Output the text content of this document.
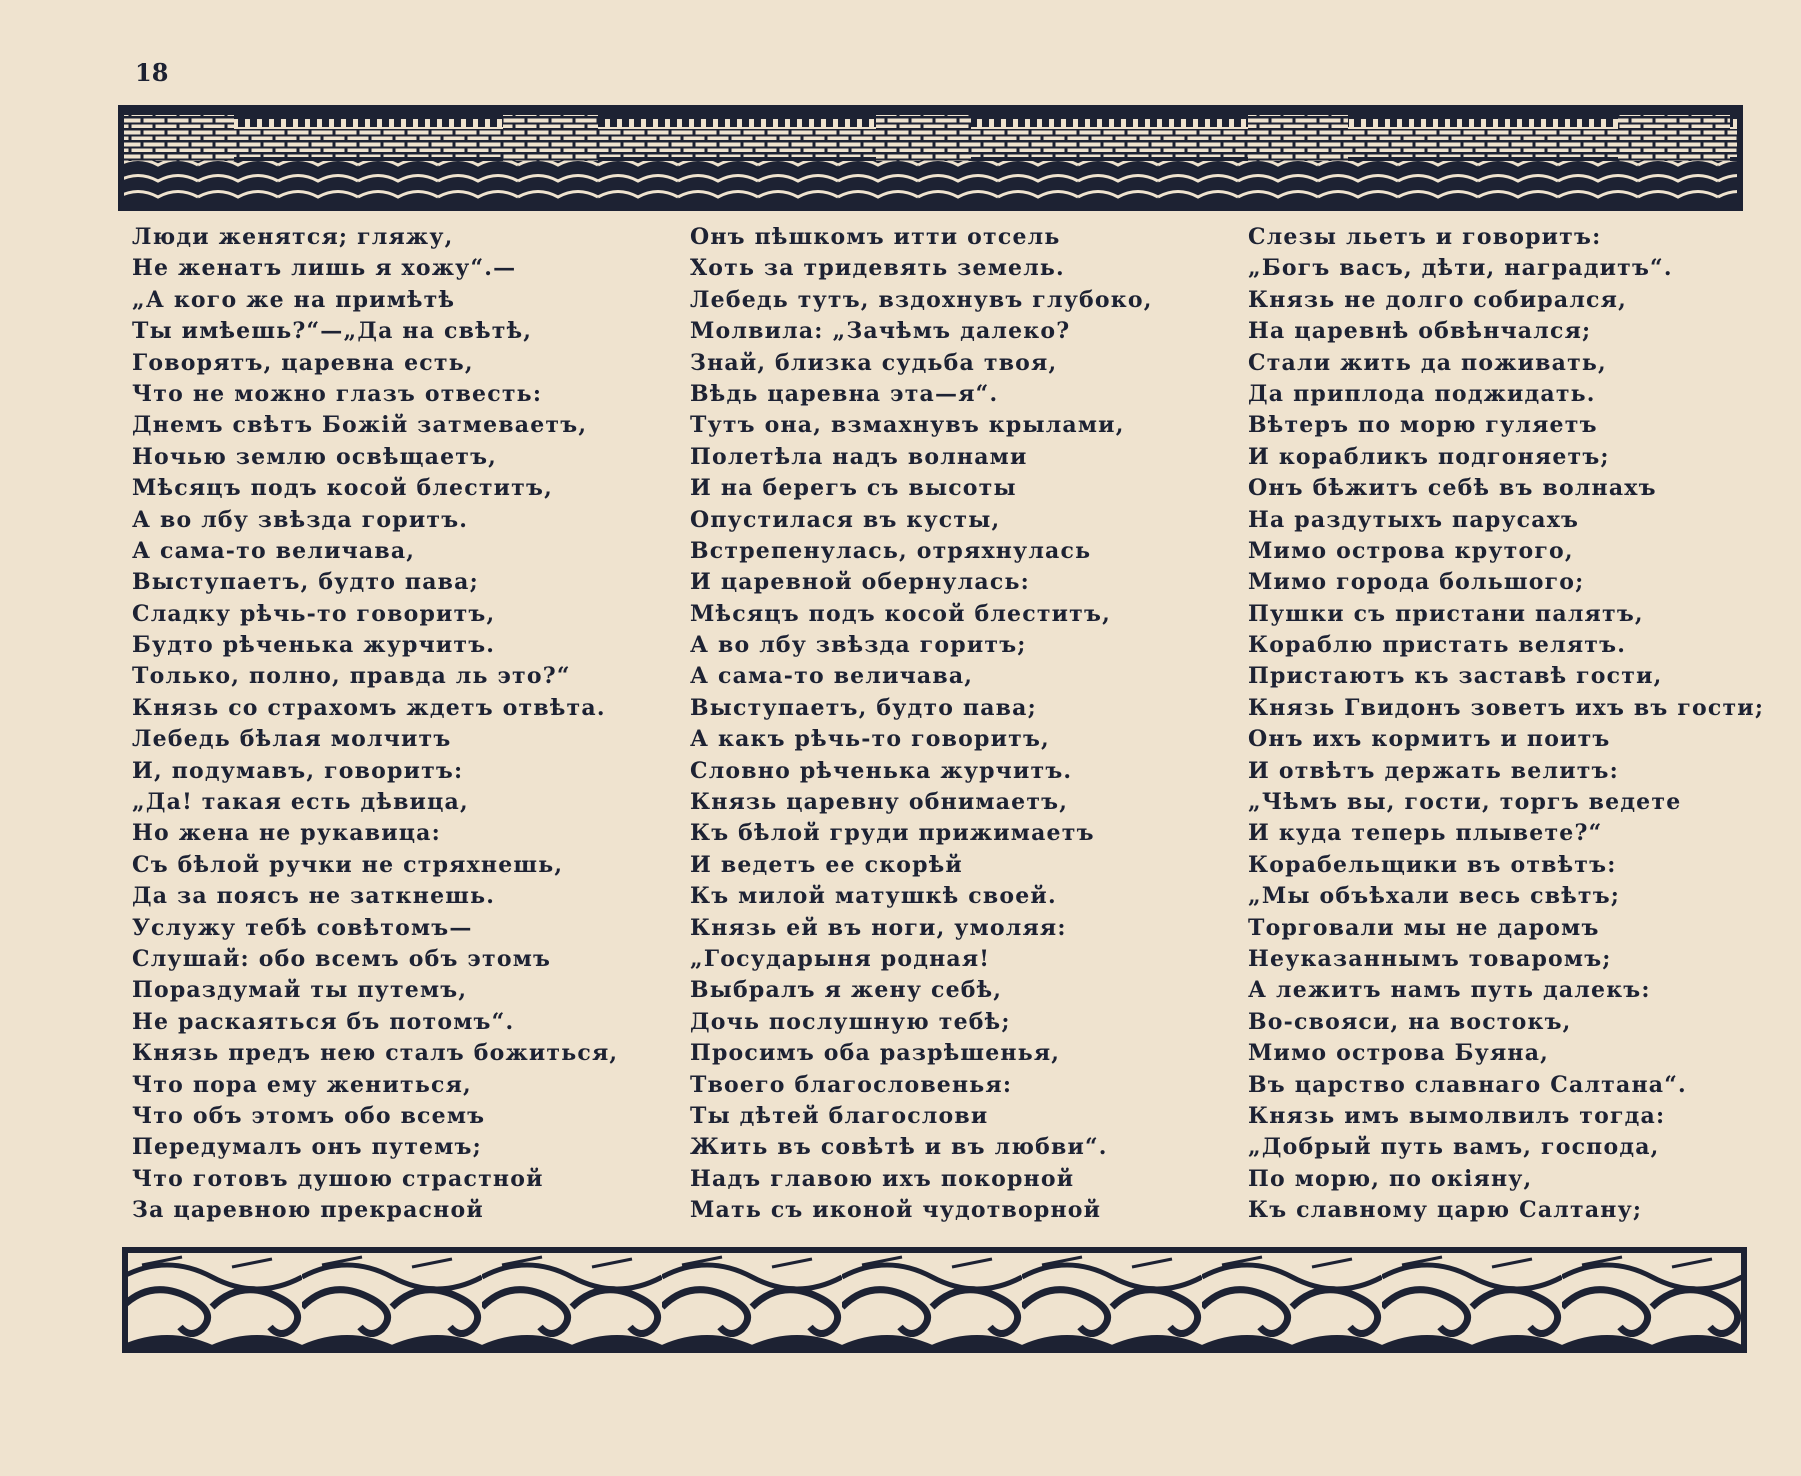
18
Люди женятся; гляжу,
Не женатъ лишь я хожу“.—
„А кого же на примѣтѣ
Ты имѣешь?“—„Да на свѣтѣ,
Говорятъ, царевна есть,
Что не можно глазъ отвесть:
Днемъ свѣтъ Божій затмеваетъ,
Ночью землю освѣщаетъ,
Мѣсяцъ подъ косой блеститъ,
А во лбу звѣзда горитъ.
А сама-то величава,
Выступаетъ, будто пава;
Сладку рѣчь-то говоритъ,
Будто рѣченька журчитъ.
Только, полно, правда ль это?“
Князь со страхомъ ждетъ отвѣта.
Лебедь бѣлая молчитъ
И, подумавъ, говоритъ:
„Да! такая есть дѣвица,
Но жена не рукавица:
Съ бѣлой ручки не стряхнешь,
Да за поясъ не заткнешь.
Услужу тебѣ совѣтомъ—
Слушай: обо всемъ объ этомъ
Пораздумай ты путемъ,
Не раскаяться бъ потомъ“.
Князь предъ нею сталъ божиться,
Что пора ему жениться,
Что объ этомъ обо всемъ
Передумалъ онъ путемъ;
Что готовъ душою страстной
За царевною прекрасной
Онъ пѣшкомъ итти отсель
Хоть за тридевять земель.
Лебедь тутъ, вздохнувъ глубоко,
Молвила: „Зачѣмъ далеко?
Знай, близка судьба твоя,
Вѣдь царевна эта—я“.
Тутъ она, взмахнувъ крылами,
Полетѣла надъ волнами
И на берегъ съ высоты
Опустилася въ кусты,
Встрепенулась, отряхнулась
И царевной обернулась:
Мѣсяцъ подъ косой блеститъ,
А во лбу звѣзда горитъ;
А сама-то величава,
Выступаетъ, будто пава;
А какъ рѣчь-то говоритъ,
Словно рѣченька журчитъ.
Князь царевну обнимаетъ,
Къ бѣлой груди прижимаетъ
И ведетъ ее скорѣй
Къ милой матушкѣ своей.
Князь ей въ ноги, умоляя:
„Государыня родная!
Выбралъ я жену себѣ,
Дочь послушную тебѣ;
Просимъ оба разрѣшенья,
Твоего благословенья:
Ты дѣтей благослови
Жить въ совѣтѣ и въ любви“.
Надъ главою ихъ покорной
Мать съ иконой чудотворной
Слезы льетъ и говоритъ:
„Богъ васъ, дѣти, наградитъ“.
Князь не долго собирался,
На царевнѣ обвѣнчался;
Стали жить да поживать,
Да приплода поджидать.
Вѣтеръ по морю гуляетъ
И корабликъ подгоняетъ;
Онъ бѣжитъ себѣ въ волнахъ
На раздутыхъ парусахъ
Мимо острова крутого,
Мимо города большого;
Пушки съ пристани палятъ,
Кораблю пристать велятъ.
Пристаютъ къ заставѣ гости,
Князь Гвидонъ зоветъ ихъ въ гости;
Онъ ихъ кормитъ и поитъ
И отвѣтъ держать велитъ:
„Чѣмъ вы, гости, торгъ ведете
И куда теперь плывете?“
Корабельщики въ отвѣтъ:
„Мы объѣхали весь свѣтъ;
Торговали мы не даромъ
Неуказаннымъ товаромъ;
А лежитъ намъ путь далекъ:
Во-свояси, на востокъ,
Мимо острова Буяна,
Въ царство славнаго Салтана“.
Князь имъ вымолвилъ тогда:
„Добрый путь вамъ, господа,
По морю, по окіяну,
Къ славному царю Салтану;
